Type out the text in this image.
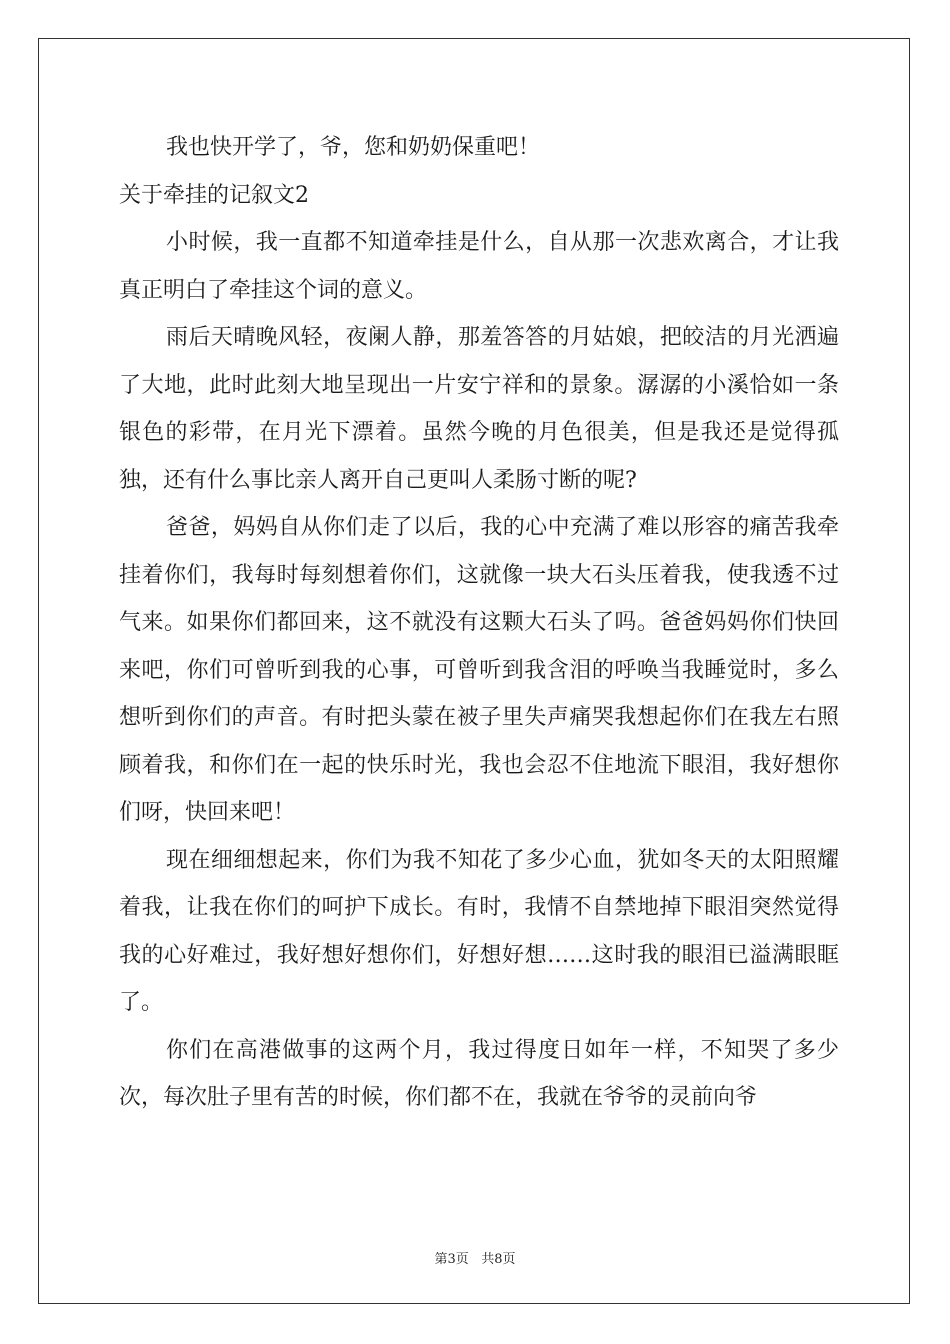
我也快开学了，爷，您和奶奶保重吧！

关于牵挂的记叙文2

小时候，我一直都不知道牵挂是什么，自从那一次悲欢离合，才让我真正明白了牵挂这个词的意义。

雨后天晴晚风轻，夜阑人静，那羞答答的月姑娘，把皎洁的月光洒遍了大地，此时此刻大地呈现出一片安宁祥和的景象。潺潺的小溪恰如一条银色的彩带，在月光下漂着。虽然今晚的月色很美，但是我还是觉得孤独，还有什么事比亲人离开自己更叫人柔肠寸断的呢?

爸爸，妈妈自从你们走了以后，我的心中充满了难以形容的痛苦我牵挂着你们，我每时每刻想着你们，这就像一块大石头压着我，使我透不过气来。如果你们都回来，这不就没有这颗大石头了吗。爸爸妈妈你们快回来吧，你们可曾听到我的心事，可曾听到我含泪的呼唤当我睡觉时，多么想听到你们的声音。有时把头蒙在被子里失声痛哭我想起你们在我左右照顾着我，和你们在一起的快乐时光，我也会忍不住地流下眼泪，我好想你们呀，快回来吧！

现在细细想起来，你们为我不知花了多少心血，犹如冬天的太阳照耀着我，让我在你们的呵护下成长。有时，我情不自禁地掉下眼泪突然觉得我的心好难过，我好想好想你们，好想好想……这时我的眼泪已溢满眼眶了。

你们在高港做事的这两个月，我过得度日如年一样，不知哭了多少次，每次肚子里有苦的时候，你们都不在，我就在爷爷的灵前向爷

第3页 共8页
